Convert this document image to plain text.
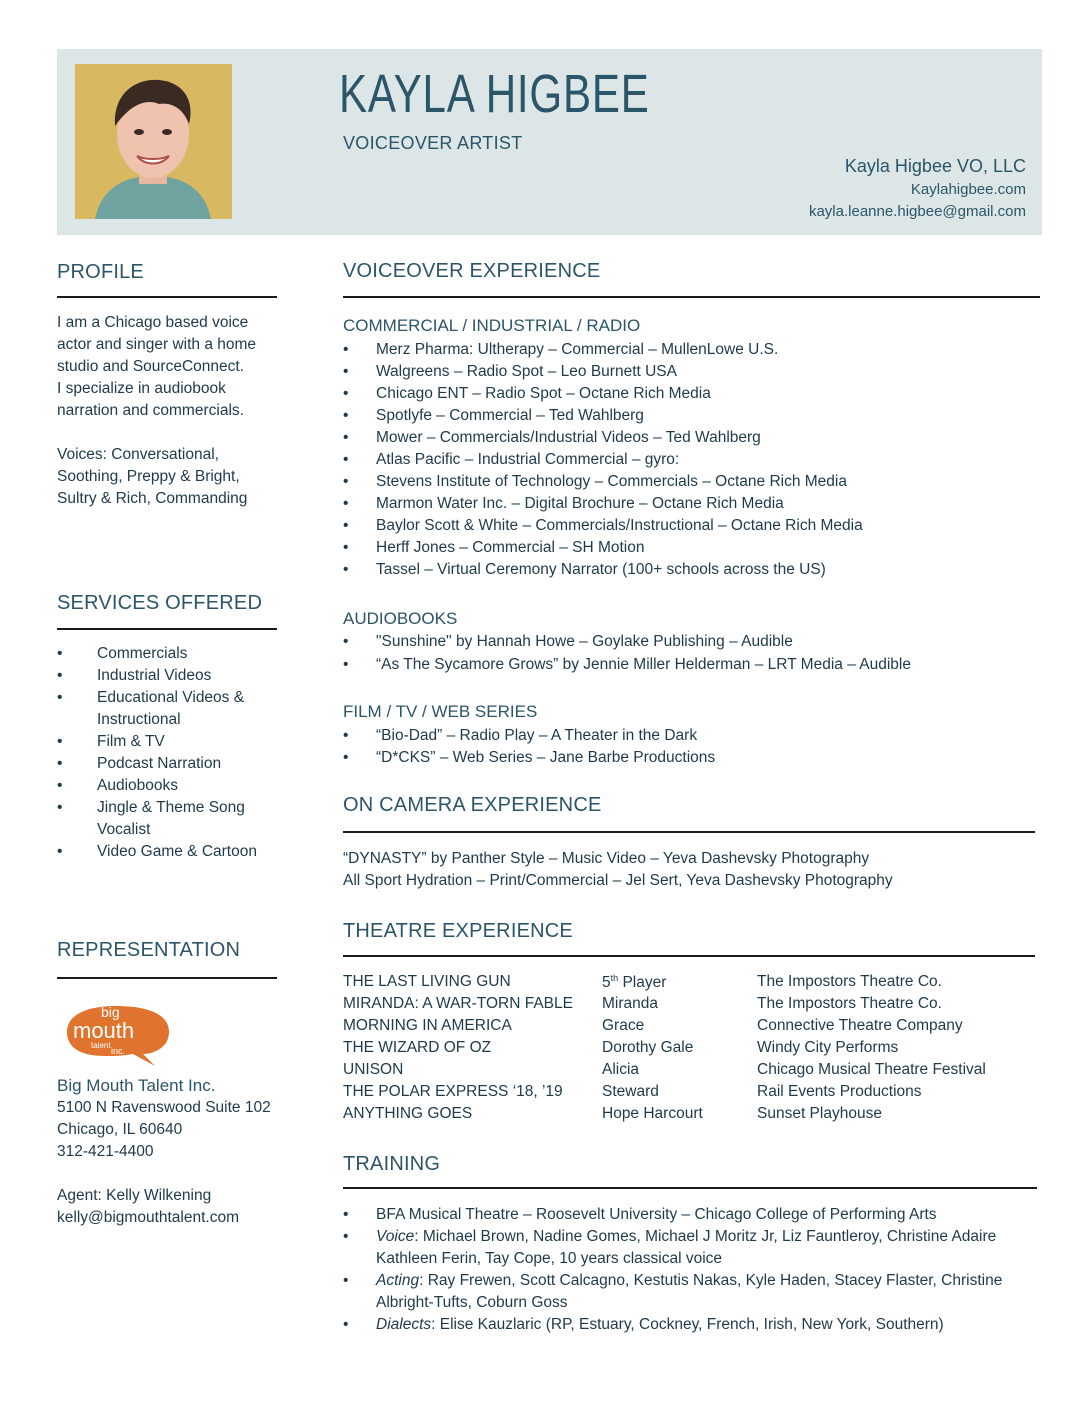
KAYLA HIGBEE
VOICEOVER ARTIST
Kayla Higbee VO, LLC
Kaylahigbee.com
kayla.leanne.higbee@gmail.com
PROFILE
I am a Chicago based voice
actor and singer with a home
studio and SourceConnect.
I specialize in audiobook
narration and commercials.
Voices: Conversational,
Soothing, Preppy & Bright,
Sultry & Rich, Commanding
SERVICES OFFERED
• Commercials
• Industrial Videos
• Educational Videos & Instructional
• Film & TV
• Podcast Narration
• Audiobooks
• Jingle & Theme Song Vocalist
• Video Game & Cartoon
REPRESENTATION
big
mouth
talent
inc.
Big Mouth Talent Inc.
5100 N Ravenswood Suite 102
Chicago, IL 60640
312-421-4400
Agent: Kelly Wilkening
kelly@bigmouthtalent.com
VOICEOVER EXPERIENCE
COMMERCIAL / INDUSTRIAL / RADIO
• Merz Pharma: Ultherapy – Commercial – MullenLowe U.S.
• Walgreens – Radio Spot – Leo Burnett USA
• Chicago ENT – Radio Spot – Octane Rich Media
• Spotlyfe – Commercial – Ted Wahlberg
• Mower – Commercials/Industrial Videos – Ted Wahlberg
• Atlas Pacific – Industrial Commercial – gyro:
• Stevens Institute of Technology – Commercials – Octane Rich Media
• Marmon Water Inc. – Digital Brochure – Octane Rich Media
• Baylor Scott & White – Commercials/Instructional – Octane Rich Media
• Herff Jones – Commercial – SH Motion
• Tassel – Virtual Ceremony Narrator (100+ schools across the US)
AUDIOBOOKS
• "Sunshine" by Hannah Howe – Goylake Publishing – Audible
• “As The Sycamore Grows” by Jennie Miller Helderman – LRT Media – Audible
FILM / TV / WEB SERIES
• “Bio-Dad” – Radio Play – A Theater in the Dark
• “D*CKS” – Web Series – Jane Barbe Productions
ON CAMERA EXPERIENCE
“DYNASTY” by Panther Style – Music Video – Yeva Dashevsky Photography
All Sport Hydration – Print/Commercial – Jel Sert, Yeva Dashevsky Photography
THEATRE EXPERIENCE
THE LAST LIVING GUN	5th Player	The Impostors Theatre Co.
MIRANDA: A WAR-TORN FABLE	Miranda	The Impostors Theatre Co.
MORNING IN AMERICA	Grace	Connective Theatre Company
THE WIZARD OF OZ	Dorothy Gale	Windy City Performs
UNISON	Alicia	Chicago Musical Theatre Festival
THE POLAR EXPRESS ‘18, ’19	Steward	Rail Events Productions
ANYTHING GOES	Hope Harcourt	Sunset Playhouse
TRAINING
• BFA Musical Theatre – Roosevelt University – Chicago College of Performing Arts
• Voice: Michael Brown, Nadine Gomes, Michael J Moritz Jr, Liz Fauntleroy, Christine Adaire Kathleen Ferin, Tay Cope, 10 years classical voice
• Acting: Ray Frewen, Scott Calcagno, Kestutis Nakas, Kyle Haden, Stacey Flaster, Christine Albright-Tufts, Coburn Goss
• Dialects: Elise Kauzlaric (RP, Estuary, Cockney, French, Irish, New York, Southern)
